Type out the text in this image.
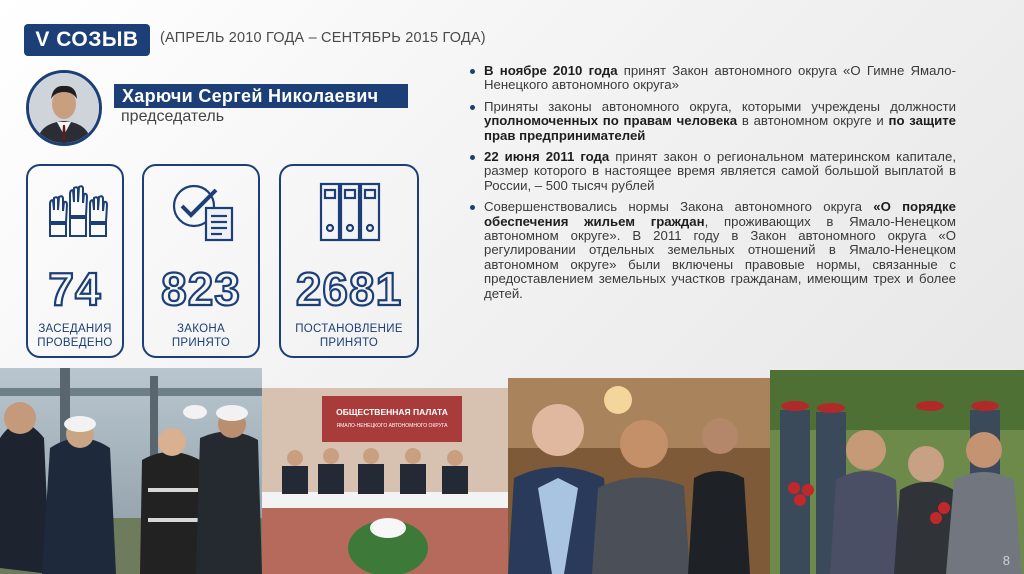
V СОЗЫВ	(АПРЕЛЬ 2010 ГОДА – СЕНТЯБРЬ 2015 ГОДА)
Харючи Сергей Николаевич
председатель
74
ЗАСЕДАНИЯ
ПРОВЕДЕНО
823
ЗАКОНА
ПРИНЯТО
2681
ПОСТАНОВЛЕНИЕ
ПРИНЯТО
В ноябре 2010 года принят Закон автономного округа «О Гимне Ямало-Ненецкого автономного округа»
Приняты законы автономного округа, которыми учреждены должности уполномоченных по правам человека в автономном округе и по защите прав предпринимателей
22 июня 2011 года принят закон о региональном материнском капитале, размер которого в настоящее время является самой большой выплатой в России, – 500 тысяч рублей
Совершенствовались нормы Закона автономного округа «О порядке обеспечения жильем граждан, проживающих в Ямало-Ненецком автономном округе». В 2011 году в Закон автономного округа «О регулировании отдельных земельных отношений в Ямало-Ненецком автономном округе» были включены правовые нормы, связанные с предоставлением земельных участков гражданам, имеющим трех и более детей.
ОБЩЕСТВЕННАЯ ПАЛАТА
ЯМАЛО-НЕНЕЦКОГО АВТОНОМНОГО ОКРУГА
8
